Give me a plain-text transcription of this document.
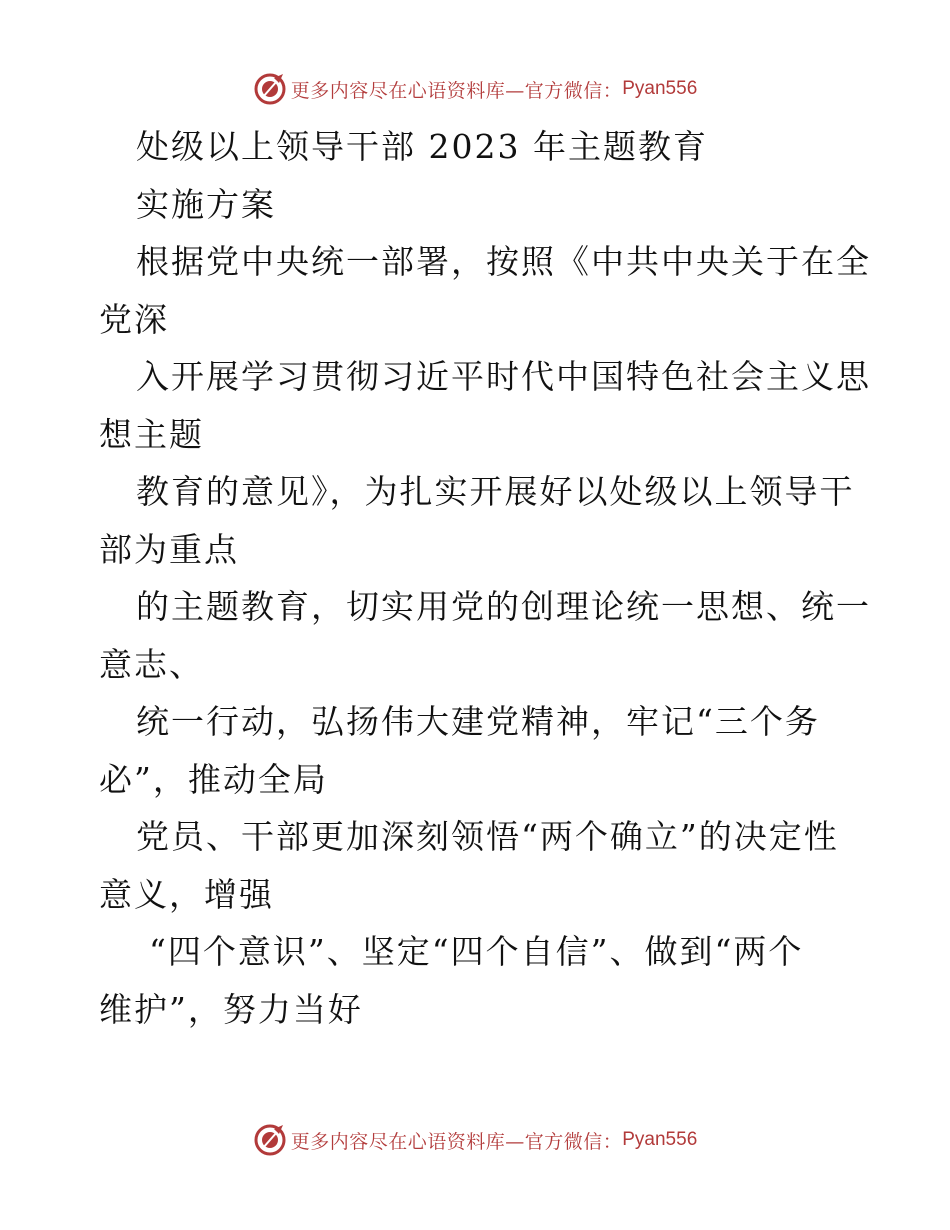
更多内容尽在心语资料库—官方微信： Pyan556
处级以上领导干部 2023 年主题教育
实施方案
根据党中央统一部署，按照《中共中央关于在全
党深
入开展学习贯彻习近平时代中国特色社会主义思
想主题
教育的意见》，为扎实开展好以处级以上领导干
部为重点
的主题教育，切实用党的创理论统一思想、统一
意志、
统一行动，弘扬伟大建党精神，牢记“三个务
必”，推动全局
党员、干部更加深刻领悟“两个确立”的决定性
意义，增强
“四个意识”、坚定“四个自信”、做到“两个
维护”，努力当好
更多内容尽在心语资料库—官方微信： Pyan556
